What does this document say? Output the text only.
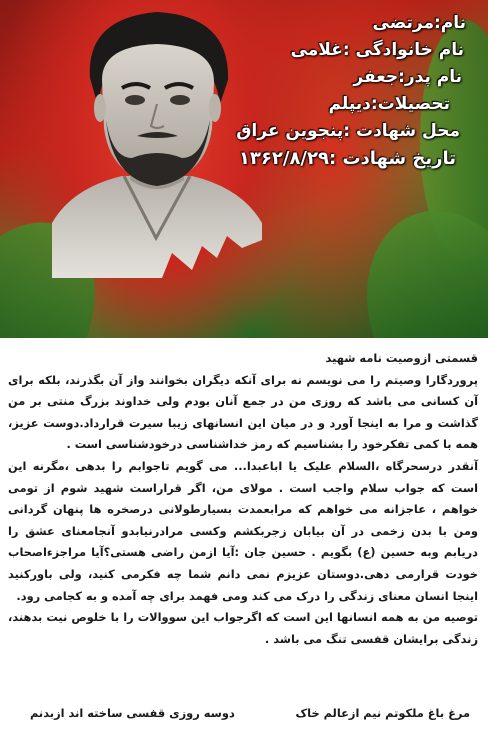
نام:مرتضی
نام خانوادگی :غلامی
نام پدر:جعفر
تحصیلات:دیپلم
محل شهادت :پنجوین عراق
تاریخ شهادت :۱۳۶۲/۸/۲۹

قسمتی ازوصیت نامه شهید

پروردگارا وصیتم را می نویسم نه برای آنکه دیگران بخوانند واز آن بگذرند، بلکه برای آن کسانی می باشد که روزی من در جمع آنان بودم ولی خداوند بزرگ منتی بر من گذاشت و مرا به اینجا آورد و در میان این انسانهای زیبا سیرت قرارداد.دوست عزیز، همه با کمی تفکرخود را بشناسیم که رمز خداشناسی درخودشناسی است .

آنقدر درسحرگاه ،السلام علیک یا اباعبدا... می گویم تاجوابم را بدهی ،مگرنه این است که جواب سلام واجب است . مولای من، اگر قراراست شهید شوم از تومی خواهم ، عاجزانه می خواهم که مرابعمدت بسیارطولانی درصخره ها پنهان گردانی ومن با بدن زخمی در آن بیابان زجربکشم وکسی مرادرنیابدو آنجامعنای عشق را دریابم وبه حسین (ع) بگویم . حسین جان :آیا ازمن راضی هستی؟آیا مراجزءاصحاب خودت قرارمی دهی.دوستان عزیزم نمی دانم شما چه فکرمی کنید، ولی باورکنید اینجا انسان معنای زندگی را درک می کند ومی فهمد برای چه آمده و به کجامی رود.

توصیه من به همه انسانها این است که اگرجواب این سووالات را با خلوص نیت بدهند، زندگی برایشان قفسی تنگ می باشد .

مرغ باغ ملکوتم نیم ازعالم خاک
دوسه روزی قفسی ساخته اند ازبدنم
